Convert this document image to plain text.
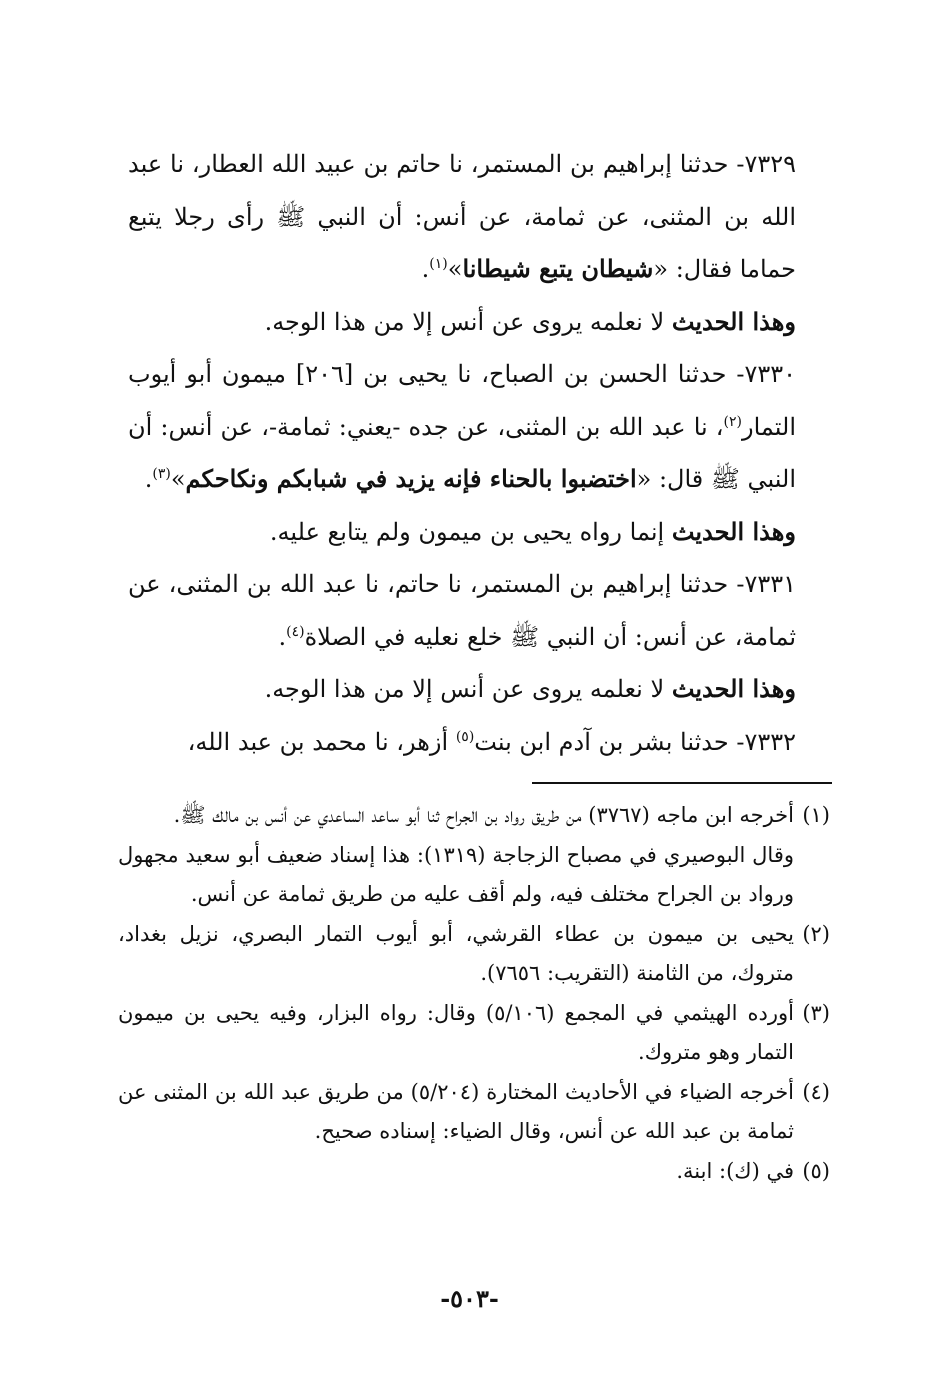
٧٣٢٩- حدثنا إبراهيم بن المستمر، نا حاتم بن عبيد الله العطار، نا عبد الله بن المثنى، عن ثمامة، عن أنس: أن النبي ﷺ رأى رجلا يتبع حماما فقال: «شيطان يتبع شيطانا»$^{(١)}$.

وهذا الحديث لا نعلمه يروى عن أنس إلا من هذا الوجه.

٧٣٣٠- حدثنا الحسن بن الصباح، نا يحيى بن [٢٠٦] ميمون أبو أيوب التمار$^{(٢)}$، نا عبد الله بن المثنى، عن جده -يعني: ثمامة-، عن أنس: أن النبي ﷺ قال: «اختضبوا بالحناء فإنه يزيد في شبابكم ونكاحكم»$^{(٣)}$.

وهذا الحديث إنما رواه يحيى بن ميمون ولم يتابع عليه.

٧٣٣١- حدثنا إبراهيم بن المستمر، نا حاتم، نا عبد الله بن المثنى، عن ثمامة، عن أنس: أن النبي ﷺ خلع نعليه في الصلاة$^{(٤)}$.

وهذا الحديث لا نعلمه يروى عن أنس إلا من هذا الوجه.

٧٣٣٢- حدثنا بشر بن آدم ابن بنت$^{(٥)}$ أزهر، نا محمد بن عبد الله،

(١)
أخرجه ابن ماجه (٣٧٦٧) من طريق رواد بن الجراح ثنا أبو ساعد الساعدي عن أنس بن مالك ﷺ.

وقال البوصيري في مصباح الزجاجة (١٣١٩): هذا إسناد ضعيف أبو سعيد مجهول ورواد بن الجراح مختلف فيه، ولم أقف عليه من طريق ثمامة عن أنس.

(٢)
يحيى بن ميمون بن عطاء القرشي، أبو أيوب التمار البصري، نزيل بغداد، متروك، من الثامنة (التقريب: ٧٦٥٦).

(٣)
أورده الهيثمي في المجمع (٥/١٠٦) وقال: رواه البزار، وفيه يحيى بن ميمون التمار وهو متروك.

(٤)
أخرجه الضياء في الأحاديث المختارة (٥/٢٠٤) من طريق عبد الله بن المثنى عن ثمامة بن عبد الله عن أنس، وقال الضياء: إسناده صحيح.

(٥)
في (ك): ابنة.

-٥٠٣-
